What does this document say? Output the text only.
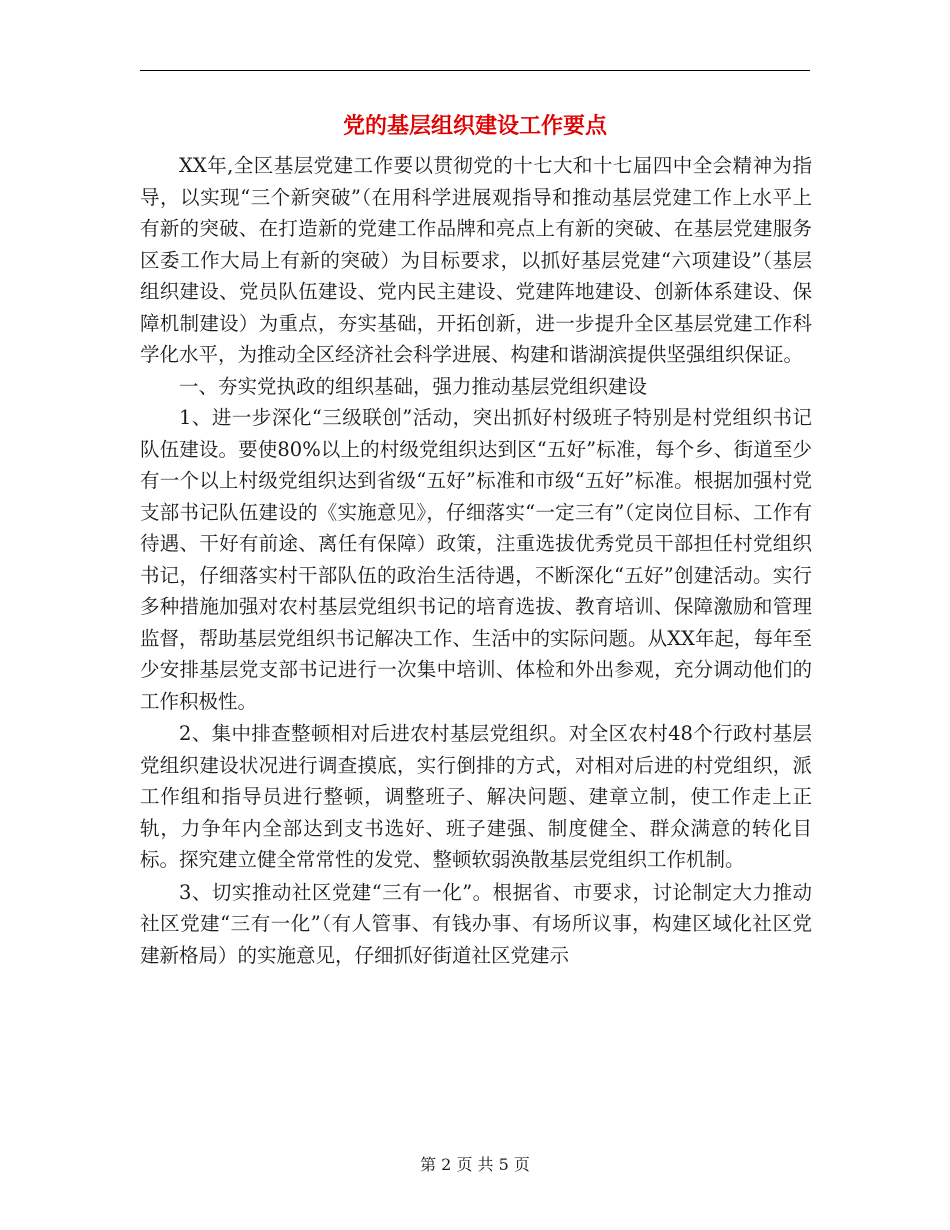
党的基层组织建设工作要点

XX年,全区基层党建工作要以贯彻党的十七大和十七届四中全会精神为指导，以实现“三个新突破”（在用科学进展观指导和推动基层党建工作上水平上有新的突破、在打造新的党建工作品牌和亮点上有新的突破、在基层党建服务区委工作大局上有新的突破）为目标要求，以抓好基层党建“六项建设”（基层组织建设、党员队伍建设、党内民主建设、党建阵地建设、创新体系建设、保障机制建设）为重点，夯实基础，开拓创新，进一步提升全区基层党建工作科学化水平，为推动全区经济社会科学进展、构建和谐湖滨提供坚强组织保证。

一、夯实党执政的组织基础，强力推动基层党组织建设

1、进一步深化“三级联创”活动，突出抓好村级班子特别是村党组织书记队伍建设。要使80%以上的村级党组织达到区“五好”标准，每个乡、街道至少有一个以上村级党组织达到省级“五好”标准和市级“五好”标准。根据加强村党支部书记队伍建设的《实施意见》，仔细落实“一定三有”（定岗位目标、工作有待遇、干好有前途、离任有保障）政策，注重选拔优秀党员干部担任村党组织书记，仔细落实村干部队伍的政治生活待遇，不断深化“五好”创建活动。实行多种措施加强对农村基层党组织书记的培育选拔、教育培训、保障激励和管理监督，帮助基层党组织书记解决工作、生活中的实际问题。从XX年起，每年至少安排基层党支部书记进行一次集中培训、体检和外出参观，充分调动他们的工作积极性。

2、集中排查整顿相对后进农村基层党组织。对全区农村48个行政村基层党组织建设状况进行调查摸底，实行倒排的方式，对相对后进的村党组织，派工作组和指导员进行整顿，调整班子、解决问题、建章立制，使工作走上正轨，力争年内全部达到支书选好、班子建强、制度健全、群众满意的转化目标。探究建立健全常常性的发党、整顿软弱涣散基层党组织工作机制。

3、切实推动社区党建“三有一化”。根据省、市要求，讨论制定大力推动社区党建“三有一化”（有人管事、有钱办事、有场所议事，构建区域化社区党建新格局）的实施意见，仔细抓好街道社区党建示

第 2 页 共 5 页
